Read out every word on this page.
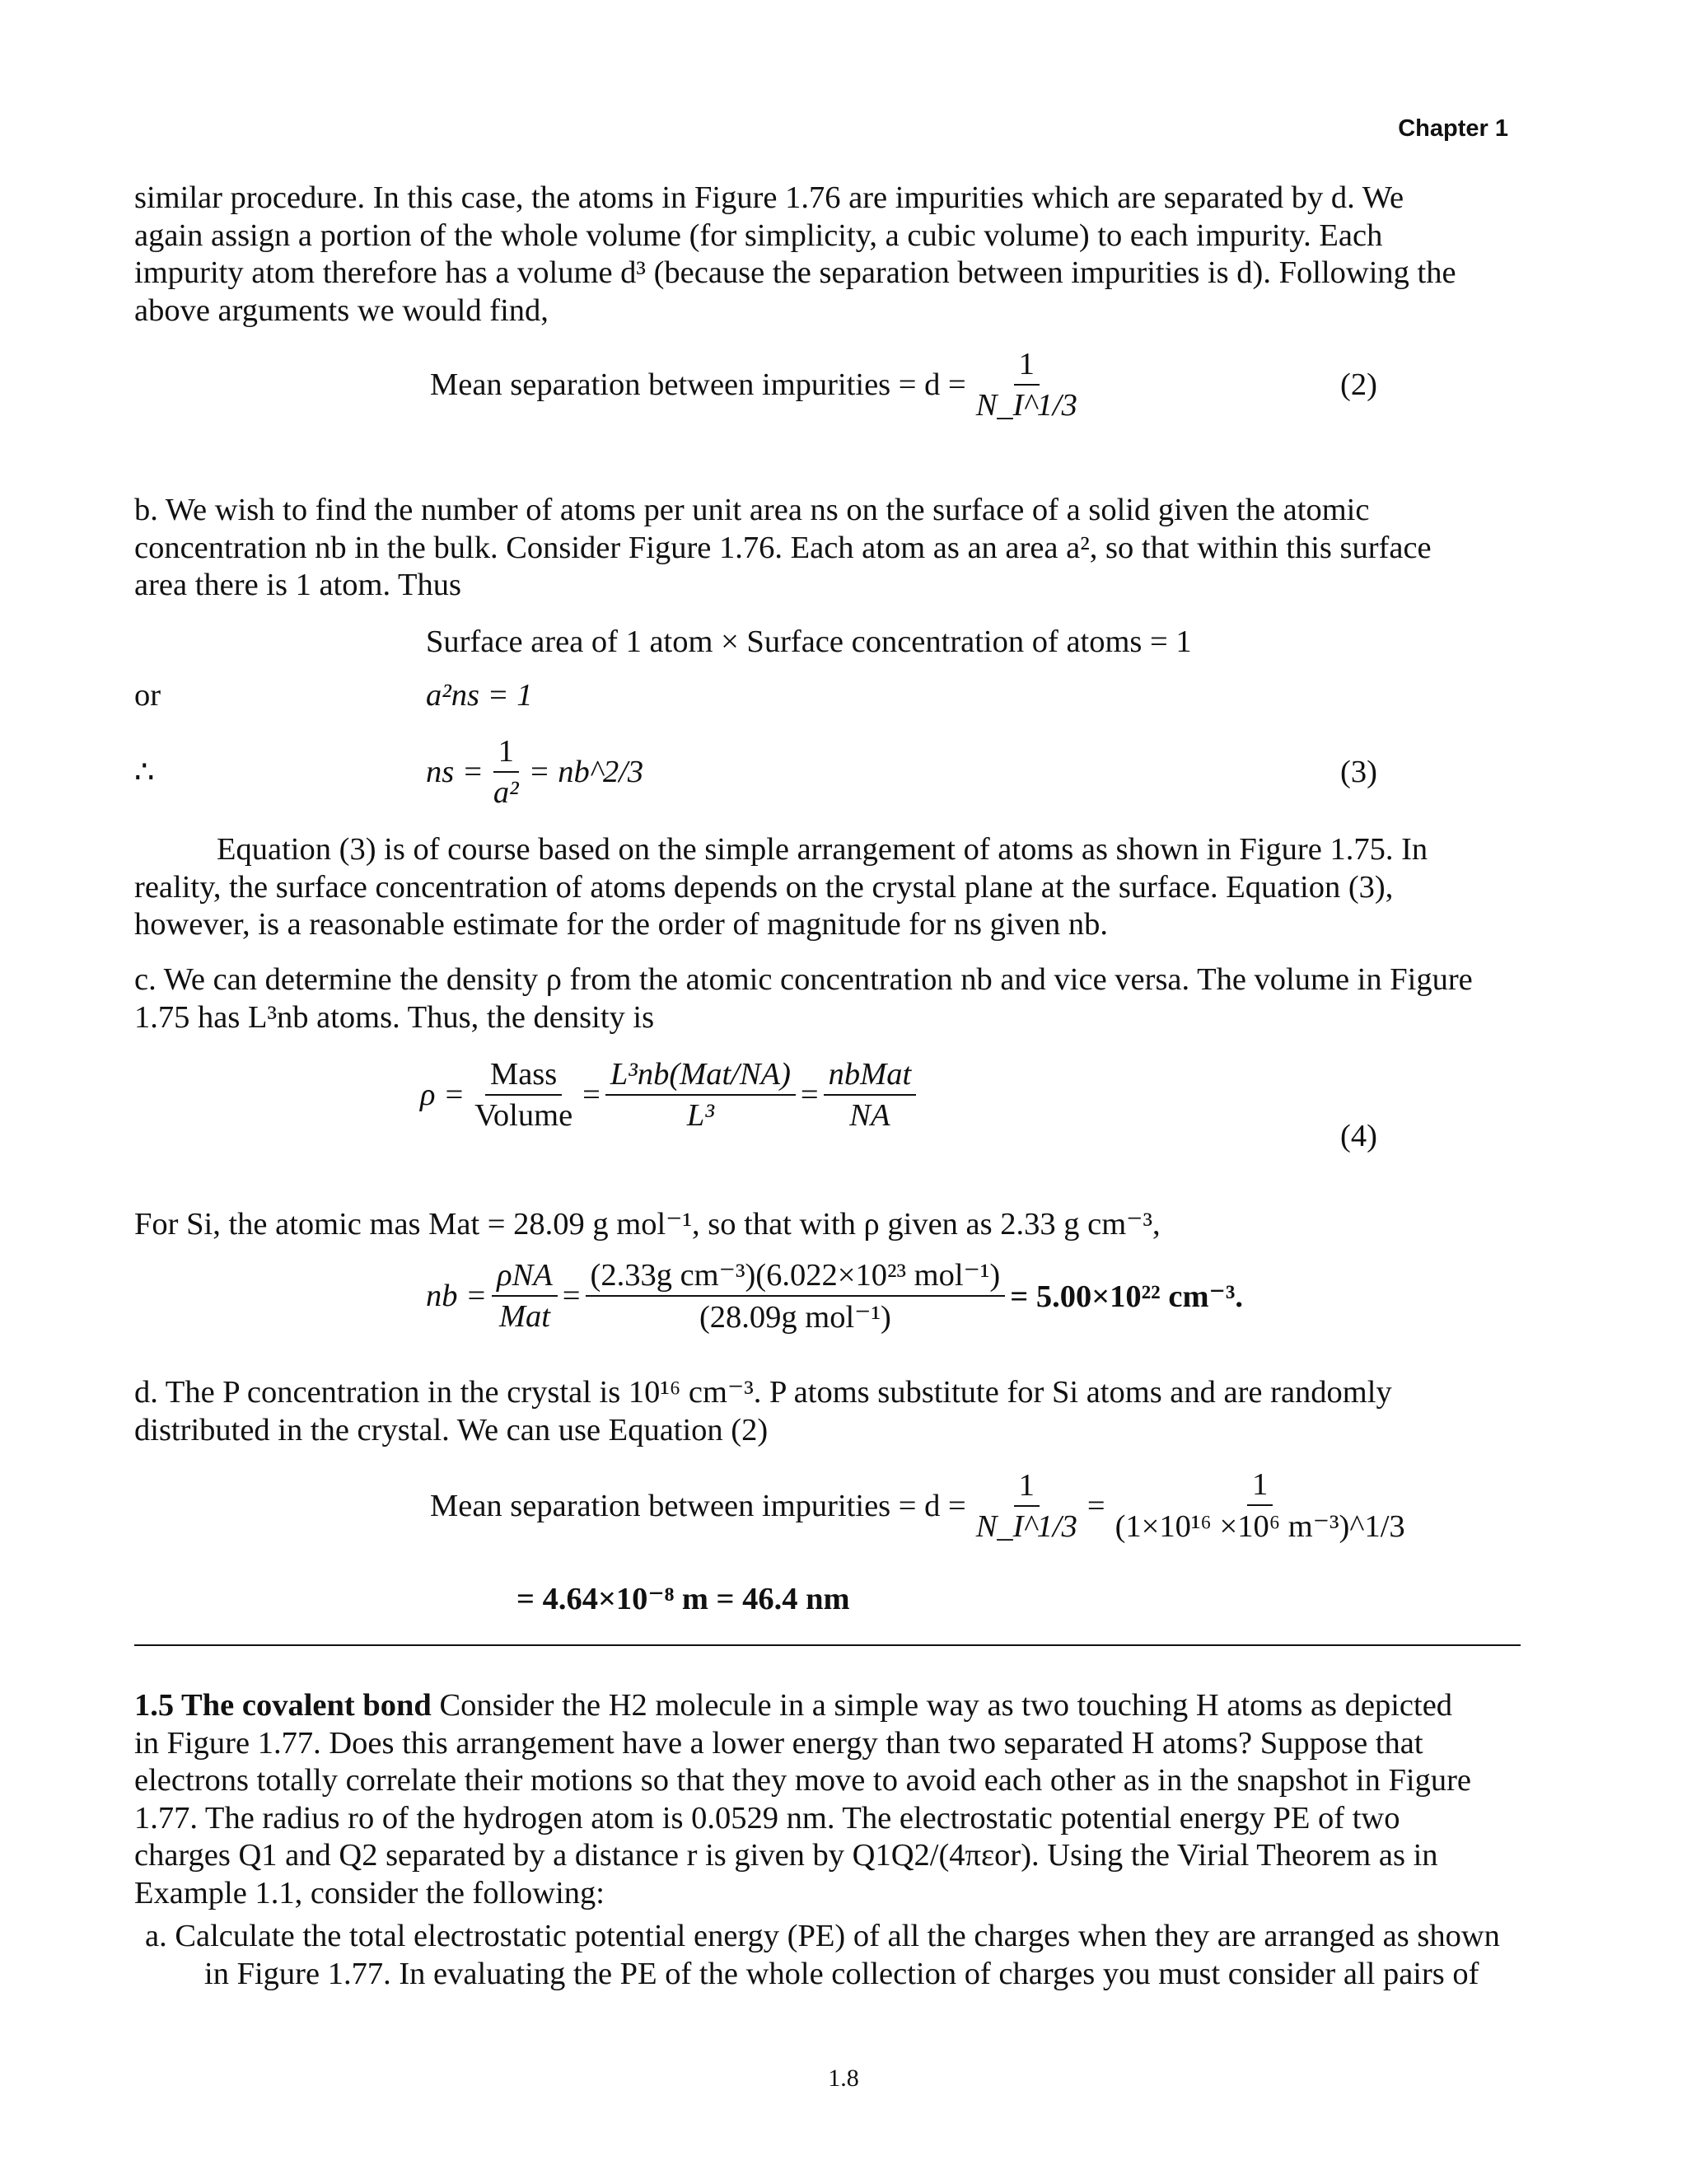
Chapter 1

similar procedure. In this case, the atoms in Figure 1.76 are impurities which are separated by d. We

again assign a portion of the whole volume (for simplicity, a cubic volume) to each impurity. Each

impurity atom therefore has a volume d³ (because the separation between impurities is d). Following the

above arguments we would find,

Mean separation between impurities = $d = \frac{1}{N\_I\^{}1/3}$	(2)

b. We wish to find the number of atoms per unit area ns on the surface of a solid given the atomic

concentration nb in the bulk. Consider Figure 1.76. Each atom as an area a², so that within this surface

area there is 1 atom. Thus

Surface area of 1 atom × Surface concentration of atoms = 1
or	a²ns = 1
∴	ns = $\frac{1}{\text{a²}}$ = nb^2/3	(3)

Equation (3) is of course based on the simple arrangement of atoms as shown in Figure 1.75. In

reality, the surface concentration of atoms depends on the crystal plane at the surface. Equation (3),

however, is a reasonable estimate for the order of magnitude for ns given nb.

c. We can determine the density ρ from the atomic concentration nb and vice versa. The volume in Figure

1.75 has L³nb atoms. Thus, the density is

$\rho = \frac{\text{Mass}}{\text{Volume}} = \frac{\text{L³nb(Mat/NA)}}{\text{L³}} = \frac{\text{nbMat}}{NA}$
(4)
For Si, the atomic mas Mat = 28.09 g mol⁻¹, so that with ρ given as 2.33 g cm⁻³,
nb = $\frac{\text{ρNA}}{\text{Mat}} = \frac{\text{(2.33g cm⁻³)(6.022×10²³ mol⁻¹)}}{\text{(28.09g mol⁻¹)}} = 5.00\times 10^{22}$ cm⁻³.

d. The P concentration in the crystal is 10¹⁶ cm⁻³. P atoms substitute for Si atoms and are randomly

distributed in the crystal. We can use Equation (2)

Mean separation between impurities = $d = \frac{1}{N\_I\^{}1/3} = \frac{1}{\text{(1×10¹⁶ ×10⁶ m⁻³)\textasciicircum{}1/3}}$
= 4.64×10⁻⁸ m = 46.4 nm

1.5 The covalent bond Consider the H2 molecule in a simple way as two touching H atoms as depicted

in Figure 1.77. Does this arrangement have a lower energy than two separated H atoms? Suppose that

electrons totally correlate their motions so that they move to avoid each other as in the snapshot in Figure

1.77. The radius ro of the hydrogen atom is 0.0529 nm. The electrostatic potential energy PE of two

charges Q1 and Q2 separated by a distance r is given by Q1Q2/(4πεor). Using the Virial Theorem as in

Example 1.1, consider the following:

a. Calculate the total electrostatic potential energy (PE) of all the charges when they are arranged as shown

in Figure 1.77. In evaluating the PE of the whole collection of charges you must consider all pairs of

1.8
